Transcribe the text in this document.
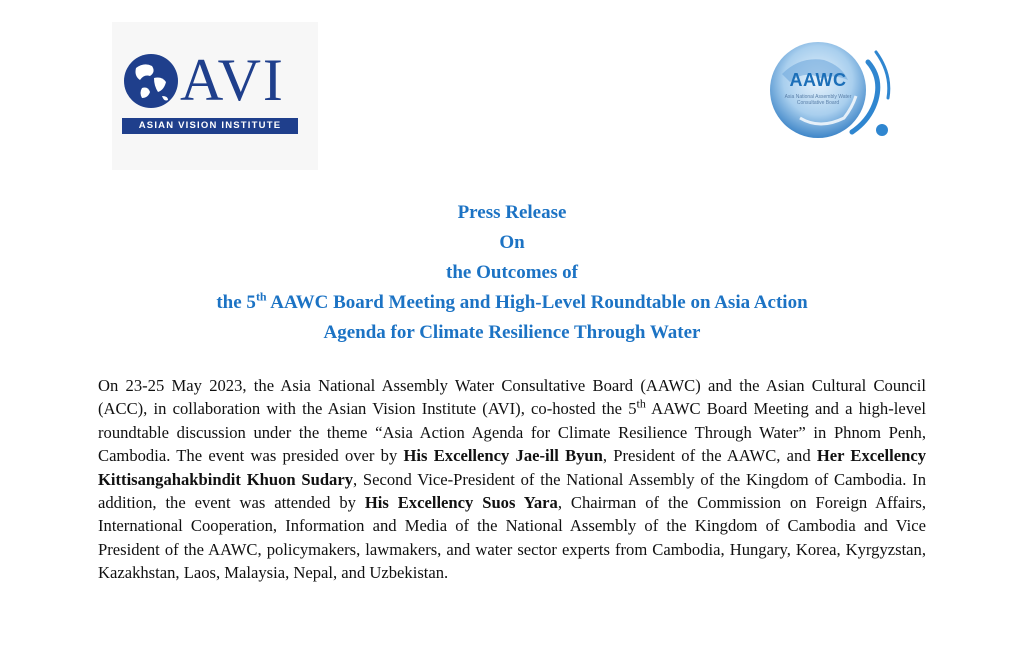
AVI
ASIAN VISION INSTITUTE
AAWC
Asia National Assembly Water Consultative Board
Press Release
On
the Outcomes of
the 5th AAWC Board Meeting and High-Level Roundtable on Asia Action
Agenda for Climate Resilience Through Water
On 23-25 May 2023, the Asia National Assembly Water Consultative Board (AAWC) and the Asian Cultural Council (ACC), in collaboration with the Asian Vision Institute (AVI), co-hosted the 5th AAWC Board Meeting and a high-level roundtable discussion under the theme “Asia Action Agenda for Climate Resilience Through Water” in Phnom Penh, Cambodia. The event was presided over by His Excellency Jae-ill Byun, President of the AAWC, and Her Excellency Kittisangahakbindit Khuon Sudary, Second Vice-President of the National Assembly of the Kingdom of Cambodia. In addition, the event was attended by His Excellency Suos Yara, Chairman of the Commission on Foreign Affairs, International Cooperation, Information and Media of the National Assembly of the Kingdom of Cambodia and Vice President of the AAWC, policymakers, lawmakers, and water sector experts from Cambodia, Hungary, Korea, Kyrgyzstan, Kazakhstan, Laos, Malaysia, Nepal, and Uzbekistan.
